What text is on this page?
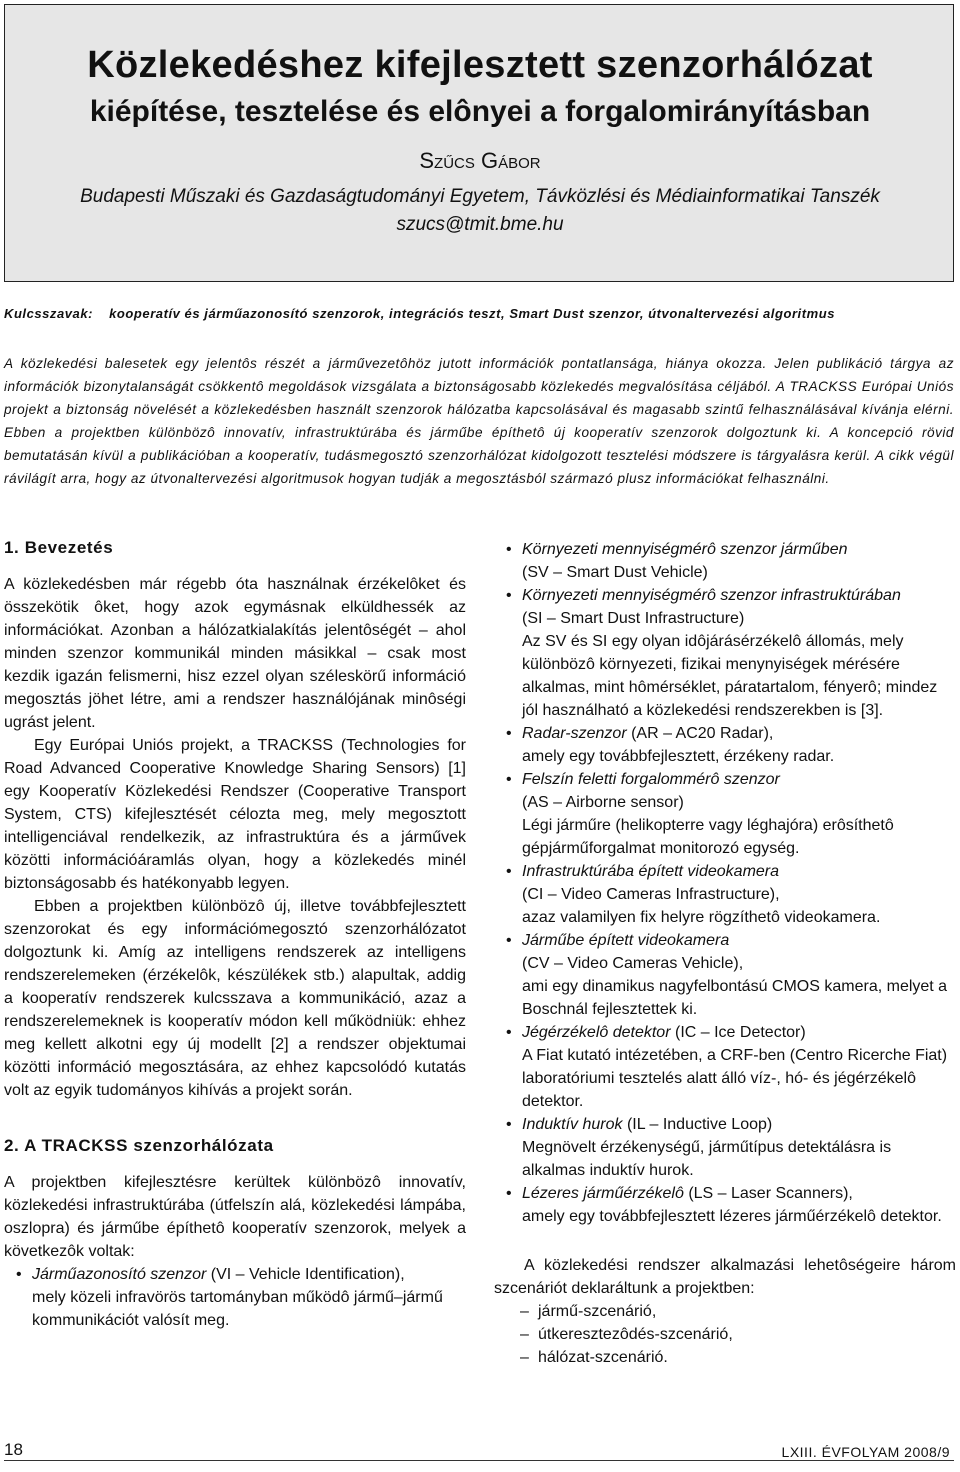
Közlekedéshez kifejlesztett szenzorhálózat
kiépítése, tesztelése és elônyei a forgalomirányításban
Szűcs Gábor
Budapesti Műszaki és Gazdaságtudományi Egyetem, Távközlési és Médiainformatikai Tanszék
szucs@tmit.bme.hu
Kulcsszavak: kooperatív és járműazonosító szenzorok, integrációs teszt, Smart Dust szenzor, útvonaltervezési algoritmus

A közlekedési balesetek egy jelentôs részét a járművezetôhöz jutott információk pontatlansága, hiánya okozza. Jelen publikáció tárgya az információk bizonytalanságát csökkentô megoldások vizsgálata a biztonságosabb közlekedés megvalósítása céljából. A TRACKSS Európai Uniós projekt a biztonság növelését a közlekedésben használt szenzorok hálózatba kapcsolásával és magasabb szintű felhasználásával kívánja elérni. Ebben a projektben különbözô innovatív, infrastruktúrába és járműbe építhetô új kooperatív szenzorok dolgoztunk ki. A koncepció rövid bemutatásán kívül a publikációban a kooperatív, tudásmegosztó szenzorhálózat kidolgozott tesztelési módszere is tárgyalásra kerül. A cikk végül rávilágít arra, hogy az útvonaltervezési algoritmusok hogyan tudják a megosztásból származó plusz információkat felhasználni.

1. Bevezetés

A közlekedésben már régebb óta használnak érzékelôket és összekötik ôket, hogy azok egymásnak elküldhessék az információkat. Azonban a hálózatkialakítás jelentôségét – ahol minden szenzor kommunikál minden másikkal – csak most kezdik igazán felismerni, hisz ezzel olyan széleskörű információ megosztás jöhet létre, ami a rendszer használójának minôségi ugrást jelent.

Egy Európai Uniós projekt, a TRACKSS (Technologies for Road Advanced Cooperative Knowledge Sharing Sensors) [1] egy Kooperatív Közlekedési Rendszer (Cooperative Transport System, CTS) kifejlesztését célozta meg, mely megosztott intelligenciával rendelkezik, az infrastruktúra és a járművek közötti információáramlás olyan, hogy a közlekedés minél biztonságosabb és hatékonyabb legyen.

Ebben a projektben különbözô új, illetve továbbfejlesztett szenzorokat és egy információmegosztó szenzorhálózatot dolgoztunk ki. Amíg az intelligens rendszerek az intelligens rendszerelemeken (érzékelôk, készülékek stb.) alapultak, addig a kooperatív rendszerek kulcsszava a kommunikáció, azaz a rendszerelemeknek is kooperatív módon kell működniük: ehhez meg kellett alkotni egy új modellt [2] a rendszer objektumai közötti információ megosztására, az ehhez kapcsolódó kutatás volt az egyik tudományos kihívás a projekt során.

2. A TRACKSS szenzorhálózata

A projektben kifejlesztésre kerültek különbözô innovatív, közlekedési infrastruktúrába (útfelszín alá, közlekedési lámpába, oszlopra) és járműbe építhetô kooperatív szenzorok, melyek a következôk voltak:

• Járműazonosító szenzor (VI – Vehicle Identification),
mely közeli infravörös tartományban működô jármű–jármű kommunikációt valósít meg.
• Környezeti mennyiségmérô szenzor járműben
(SV – Smart Dust Vehicle)
• Környezeti mennyiségmérô szenzor infrastruktúrában
(SI – Smart Dust Infrastructure)
Az SV és SI egy olyan idôjárásérzékelô állomás, mely különbözô környezeti, fizikai menynyiségek mérésére alkalmas, mint hômérséklet, páratartalom, fényerô; mindez jól használható a közlekedési rendszerekben is [3].
• Radar-szenzor (AR – AC20 Radar),
amely egy továbbfejlesztett, érzékeny radar.
• Felszín feletti forgalommérô szenzor
(AS – Airborne sensor)
Légi járműre (helikopterre vagy léghajóra) erôsíthetô gépjárműforgalmat monitorozó egység.
• Infrastruktúrába épített videokamera
(CI – Video Cameras Infrastructure),
azaz valamilyen fix helyre rögzíthetô videokamera.
• Járműbe épített videokamera
(CV – Video Cameras Vehicle),
ami egy dinamikus nagyfelbontású CMOS kamera, melyet a Boschnál fejlesztettek ki.
• Jégérzékelô detektor (IC – Ice Detector)
A Fiat kutató intézetében, a CRF-ben (Centro Ricerche Fiat) laboratóriumi tesztelés alatt álló víz-, hó- és jégérzékelô detektor.
• Induktív hurok (IL – Inductive Loop)
Megnövelt érzékenységű, járműtípus detektálásra is alkalmas induktív hurok.
• Lézeres járműérzékelô (LS – Laser Scanners),
amely egy továbbfejlesztett lézeres járműérzékelô detektor.

A közlekedési rendszer alkalmazási lehetôségeire három szcenáriót deklaráltunk a projektben:

– jármű-szcenárió,
– útkeresztezôdés-szcenárió,
– hálózat-szcenárió.
18	LXIII. ÉVFOLYAM 2008/9
